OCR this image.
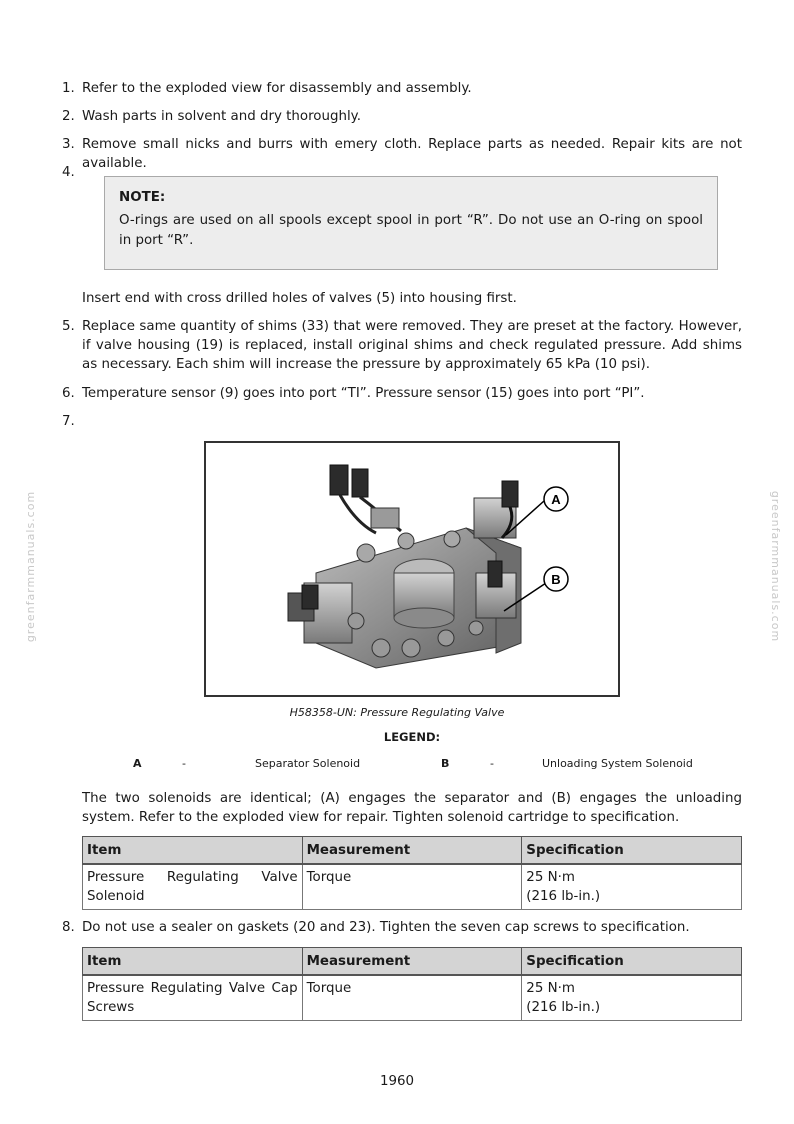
1. Refer to the exploded view for disassembly and assembly.
2. Wash parts in solvent and dry thoroughly.
3. Remove small nicks and burrs with emery cloth. Replace parts as needed. Repair kits are not available.
4.
NOTE:
O-rings are used on all spools except spool in port “R”. Do not use an O-ring on spool in port “R”.
Insert end with cross drilled holes of valves (5) into housing first.
5. Replace same quantity of shims (33) that were removed. They are preset at the factory. However, if valve housing (19) is replaced, install original shims and check regulated pressure. Add shims as necessary. Each shim will increase the pressure by approximately 65 kPa (10 psi).
6. Temperature sensor (9) goes into port “TI”. Pressure sensor (15) goes into port “PI”.
7.
A
B
H58358-UN: Pressure Regulating Valve
LEGEND:
A	-	Separator Solenoid	B	-	Unloading System Solenoid
The two solenoids are identical; (A) engages the separator and (B) engages the unloading system. Refer to the exploded view for repair. Tighten solenoid cartridge to specification.
Item	Measurement	Specification
Pressure Regulating Valve Solenoid	Torque	25 N·m
(216 lb-in.)
8. Do not use a sealer on gaskets (20 and 23). Tighten the seven cap screws to specification.
Item	Measurement	Specification
Pressure Regulating Valve Cap Screws	Torque	25 N·m
(216 lb-in.)
greenfarmmanuals.com	greenfarmmanuals.com
1960
